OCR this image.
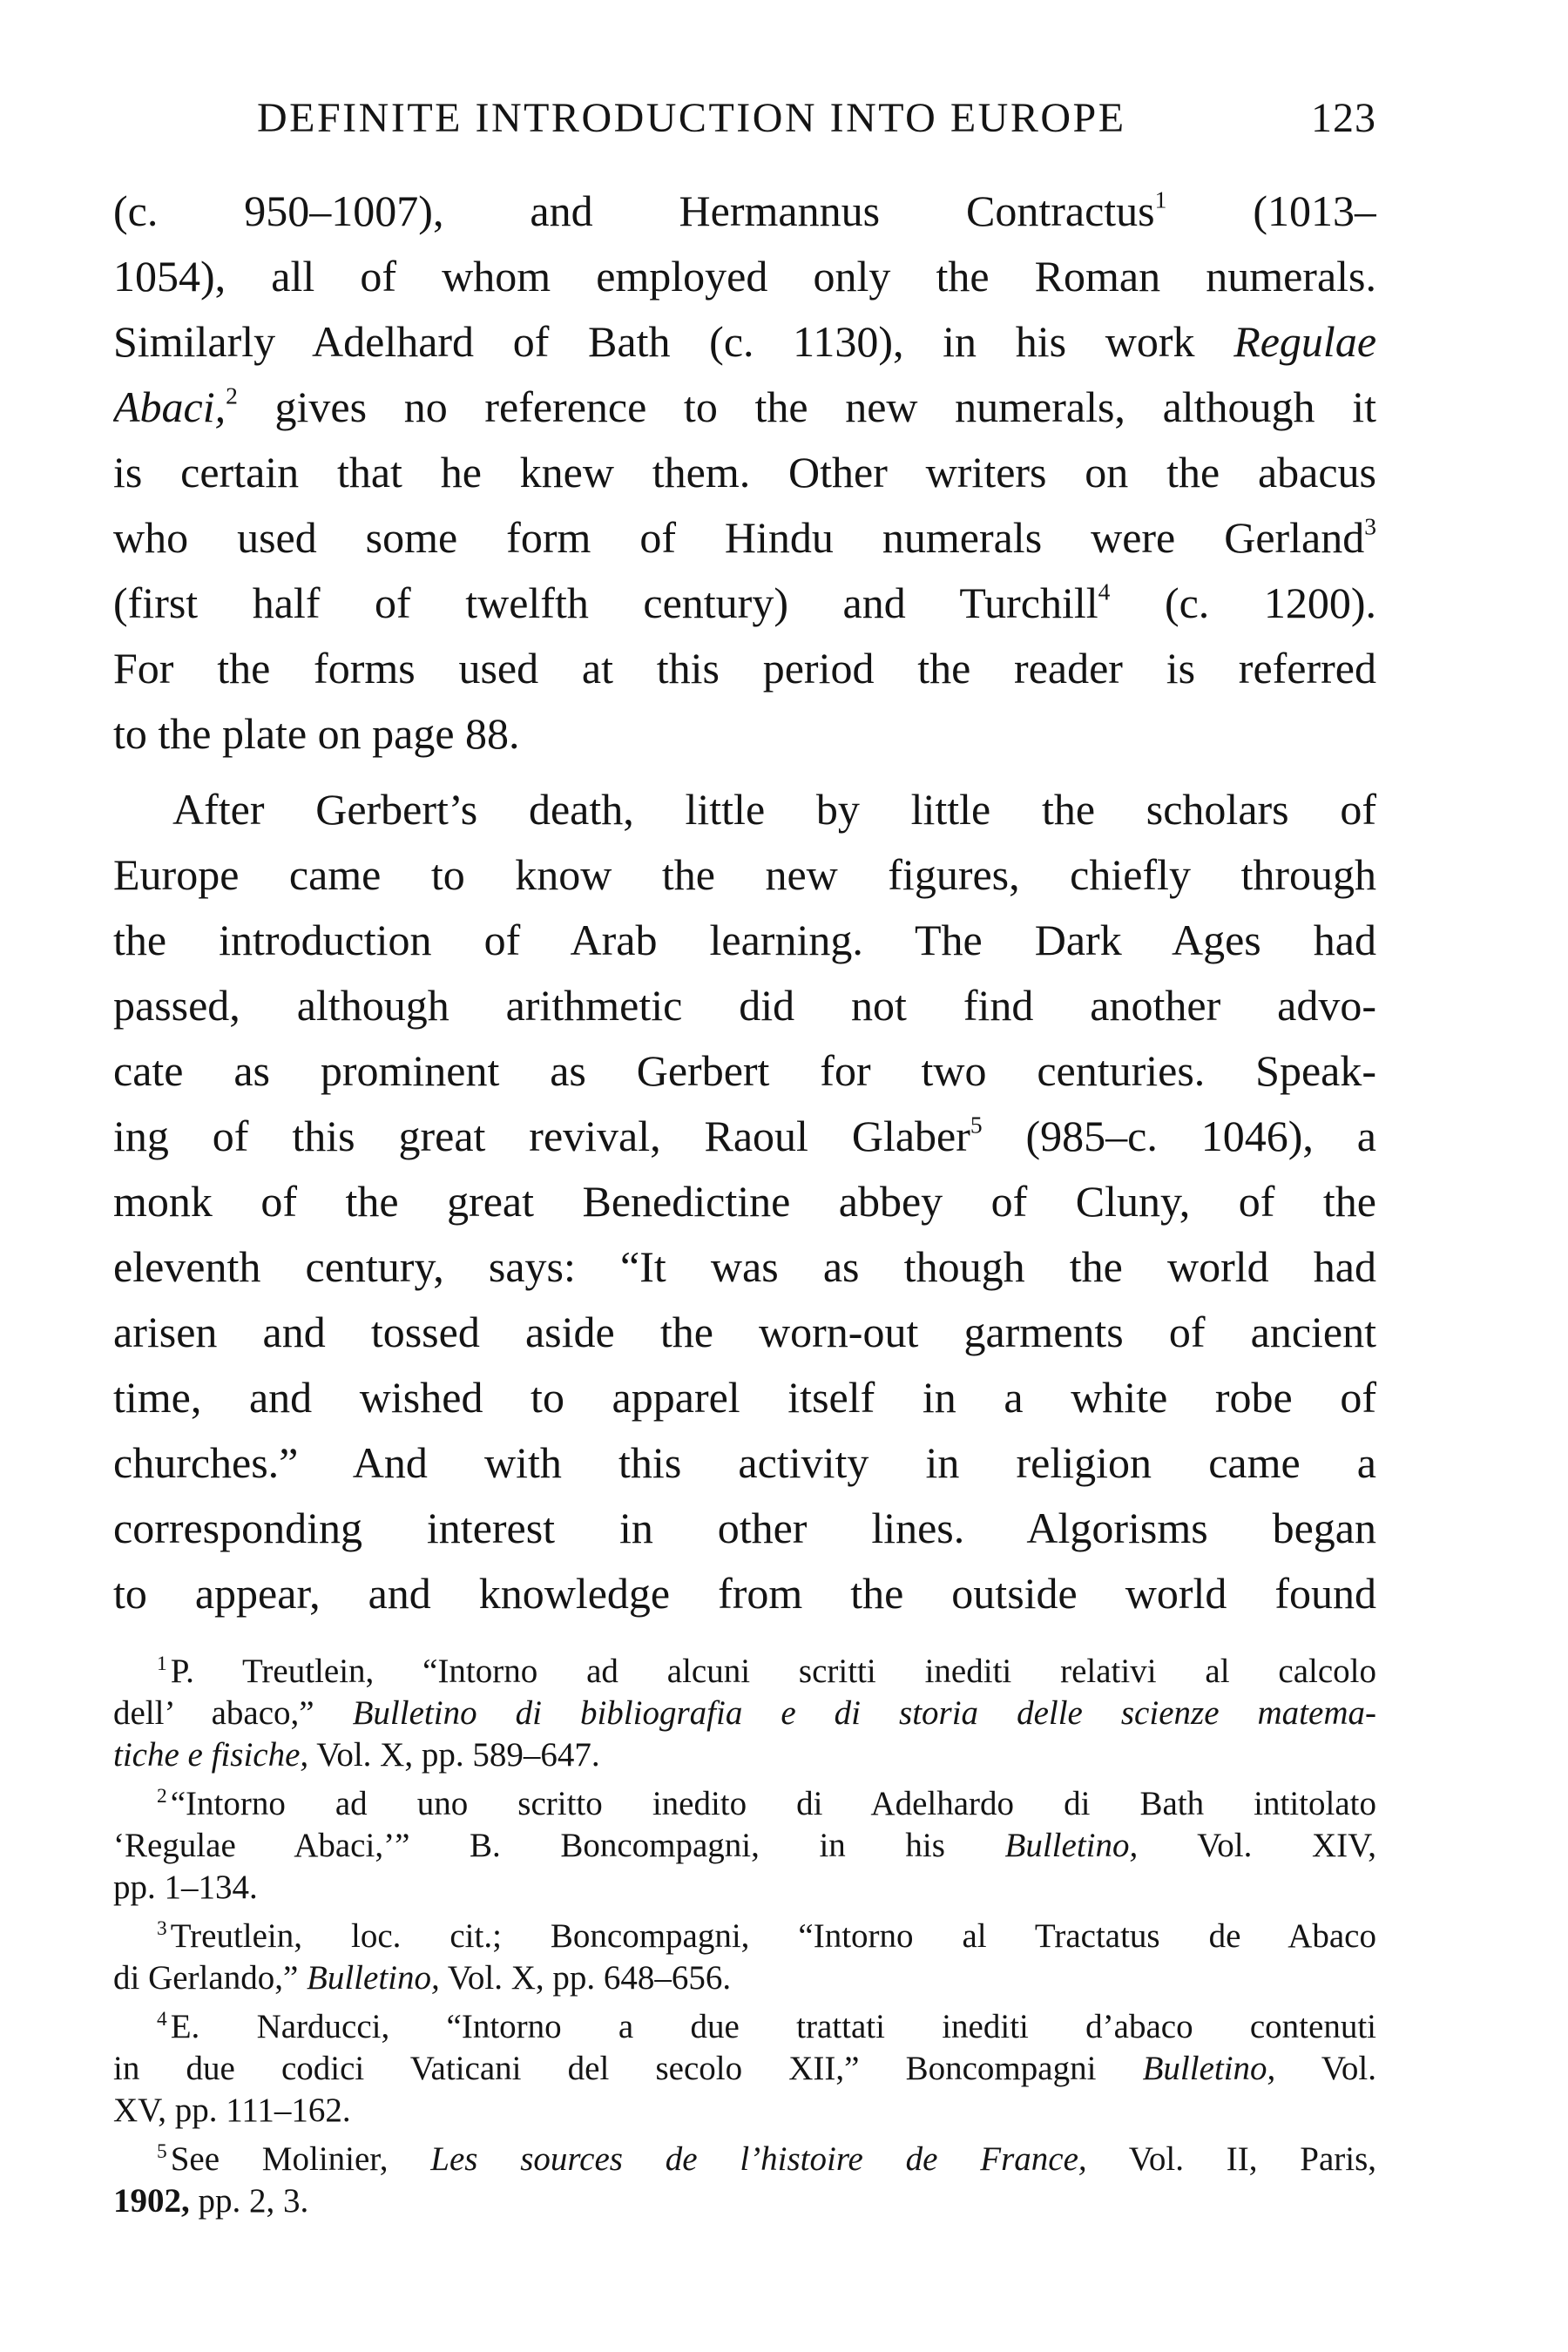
DEFINITE INTRODUCTION INTO EUROPE	123
(c. 950–1007), and Hermannus Contractus$^1$ (1013–
1054), all of whom employed only the Roman numerals.
Similarly Adelhard of Bath (c. 1130), in his work Regulae
Abaci,$^2$ gives no reference to the new numerals, although it
is certain that he knew them. Other writers on the abacus
who used some form of Hindu numerals were Gerland$^3$
(first half of twelfth century) and Turchill$^4$ (c. 1200).
For the forms used at this period the reader is referred
to the plate on page 88.
After Gerbert’s death, little by little the scholars of
Europe came to know the new figures, chiefly through
the introduction of Arab learning. The Dark Ages had
passed, although arithmetic did not find another advo-
cate as prominent as Gerbert for two centuries. Speak-
ing of this great revival, Raoul Glaber$^5$ (985–c. 1046), a
monk of the great Benedictine abbey of Cluny, of the
eleventh century, says: “It was as though the world had
arisen and tossed aside the worn-out garments of ancient
time, and wished to apparel itself in a white robe of
churches.” And with this activity in religion came a
corresponding interest in other lines. Algorisms began
to appear, and knowledge from the outside world found
$^1$ P. Treutlein, “Intorno ad alcuni scritti inediti relativi al calcolo
dell’ abaco,” Bulletino di bibliografia e di storia delle scienze matema-
tiche e fisiche, Vol. X, pp. 589–647.
$^2$ “Intorno ad uno scritto inedito di Adelhardo di Bath intitolato
‘Regulae Abaci,’” B. Boncompagni, in his Bulletino, Vol. XIV,
pp. 1–134.
$^3$ Treutlein, loc. cit.; Boncompagni, “Intorno al Tractatus de Abaco
di Gerlando,” Bulletino, Vol. X, pp. 648–656.
$^4$ E. Narducci, “Intorno a due trattati inediti d’abaco contenuti
in due codici Vaticani del secolo XII,” Boncompagni Bulletino, Vol.
XV, pp. 111–162.
$^5$ See Molinier, Les sources de l’histoire de France, Vol. II, Paris,
1902, pp. 2, 3.
